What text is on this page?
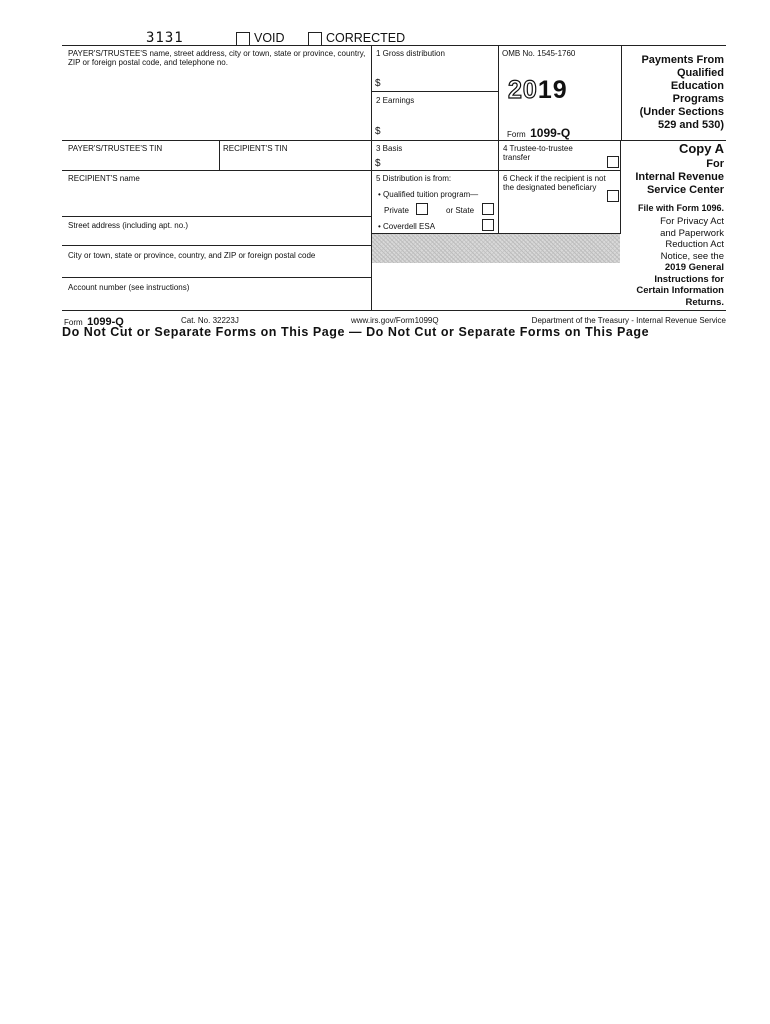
3131	VOID	CORRECTED
PAYER'S/TRUSTEE'S name, street address, city or town, state or province, country, ZIP or foreign postal code, and telephone no.
PAYER'S/TRUSTEE'S TIN	RECIPIENT'S TIN
RECIPIENT'S name
Street address (including apt. no.)
City or town, state or province, country, and ZIP or foreign postal code
Account number (see instructions)
1 Gross distribution
$
2 Earnings
$
OMB No. 1545-1760
2019
Form 1099-Q
3 Basis
$
4 Trustee-to-trustee transfer
5 Distribution is from:
• Qualified tuition program—
Private	or State
• Coverdell ESA
6 Check if the recipient is not the designated beneficiary
Payments From
Qualified
Education
Programs
(Under Sections
529 and 530)
Copy A
For
Internal Revenue
Service Center
File with Form 1096.
For Privacy Act
and Paperwork
Reduction Act
Notice, see the
2019 General
Instructions for
Certain Information
Returns.
Form 1099-Q	Cat. No. 32223J	www.irs.gov/Form1099Q	Department of the Treasury - Internal Revenue Service
Do Not Cut or Separate Forms on This Page — Do Not Cut or Separate Forms on This Page
